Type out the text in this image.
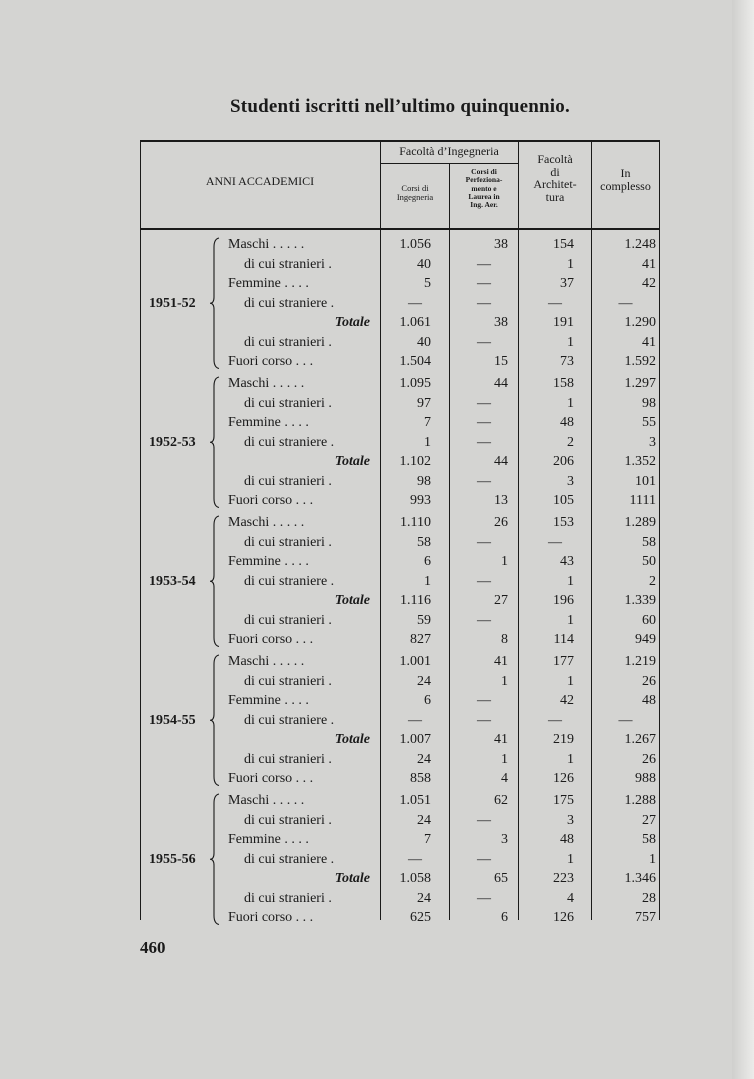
Studenti iscritti nell’ultimo quinquennio.
ANNI ACCADEMICI
Facoltà d’Ingegneria
Corsi di
Ingegneria
Corsi di
Perfeziona-
mento e
Laurea in
Ing. Aer.
Facoltà
di
Architet-
tura
In
complesso
1951-52
Maschi . . . . .	1.056	38	154	1.248
di cui stranieri .	40	—	1	41
Femmine . . . .	5	—	37	42
di cui straniere .	—	—	—	—
Totale	1.061	38	191	1.290
di cui stranieri .	40	—	1	41
Fuori corso . . .	1.504	15	73	1.592
1952-53
Maschi . . . . .	1.095	44	158	1.297
di cui stranieri .	97	—	1	98
Femmine . . . .	7	—	48	55
di cui straniere .	1	—	2	3
Totale	1.102	44	206	1.352
di cui stranieri .	98	—	3	101
Fuori corso . . .	993	13	105	1111
1953-54
Maschi . . . . .	1.110	26	153	1.289
di cui stranieri .	58	—	—	58
Femmine . . . .	6	1	43	50
di cui straniere .	1	—	1	2
Totale	1.116	27	196	1.339
di cui stranieri .	59	—	1	60
Fuori corso . . .	827	8	114	949
1954-55
Maschi . . . . .	1.001	41	177	1.219
di cui stranieri .	24	1	1	26
Femmine . . . .	6	—	42	48
di cui straniere .	—	—	—	—
Totale	1.007	41	219	1.267
di cui stranieri .	24	1	1	26
Fuori corso . . .	858	4	126	988
1955-56
Maschi . . . . .	1.051	62	175	1.288
di cui stranieri .	24	—	3	27
Femmine . . . .	7	3	48	58
di cui straniere .	—	—	1	1
Totale	1.058	65	223	1.346
di cui stranieri .	24	—	4	28
Fuori corso . . .	625	6	126	757
460
